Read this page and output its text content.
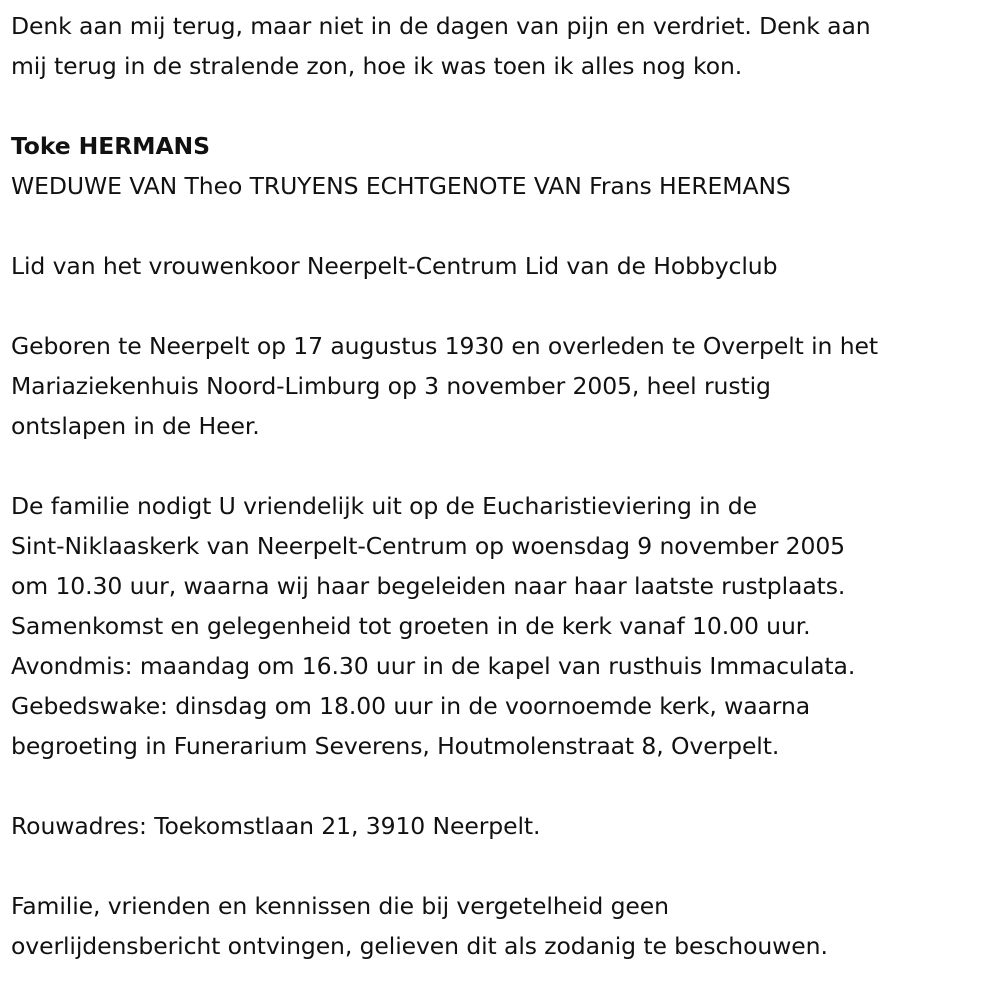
Denk aan mij terug, maar niet in de dagen van pijn en verdriet. Denk aan
mij terug in de stralende zon, hoe ik was toen ik alles nog kon.
Toke HERMANS
WEDUWE VAN Theo TRUYENS ECHTGENOTE VAN Frans HEREMANS
Lid van het vrouwenkoor Neerpelt-Centrum Lid van de Hobbyclub
Geboren te Neerpelt op 17 augustus 1930 en overleden te Overpelt in het
Mariaziekenhuis Noord-Limburg op 3 november 2005, heel rustig
ontslapen in de Heer.
De familie nodigt U vriendelijk uit op de Eucharistieviering in de
Sint-Niklaaskerk van Neerpelt-Centrum op woensdag 9 november 2005
om 10.30 uur, waarna wij haar begeleiden naar haar laatste rustplaats.
Samenkomst en gelegenheid tot groeten in de kerk vanaf 10.00 uur.
Avondmis: maandag om 16.30 uur in de kapel van rusthuis Immaculata.
Gebedswake: dinsdag om 18.00 uur in de voornoemde kerk, waarna
begroeting in Funerarium Severens, Houtmolenstraat 8, Overpelt.
Rouwadres: Toekomstlaan 21, 3910 Neerpelt.
Familie, vrienden en kennissen die bij vergetelheid geen
overlijdensbericht ontvingen, gelieven dit als zodanig te beschouwen.
